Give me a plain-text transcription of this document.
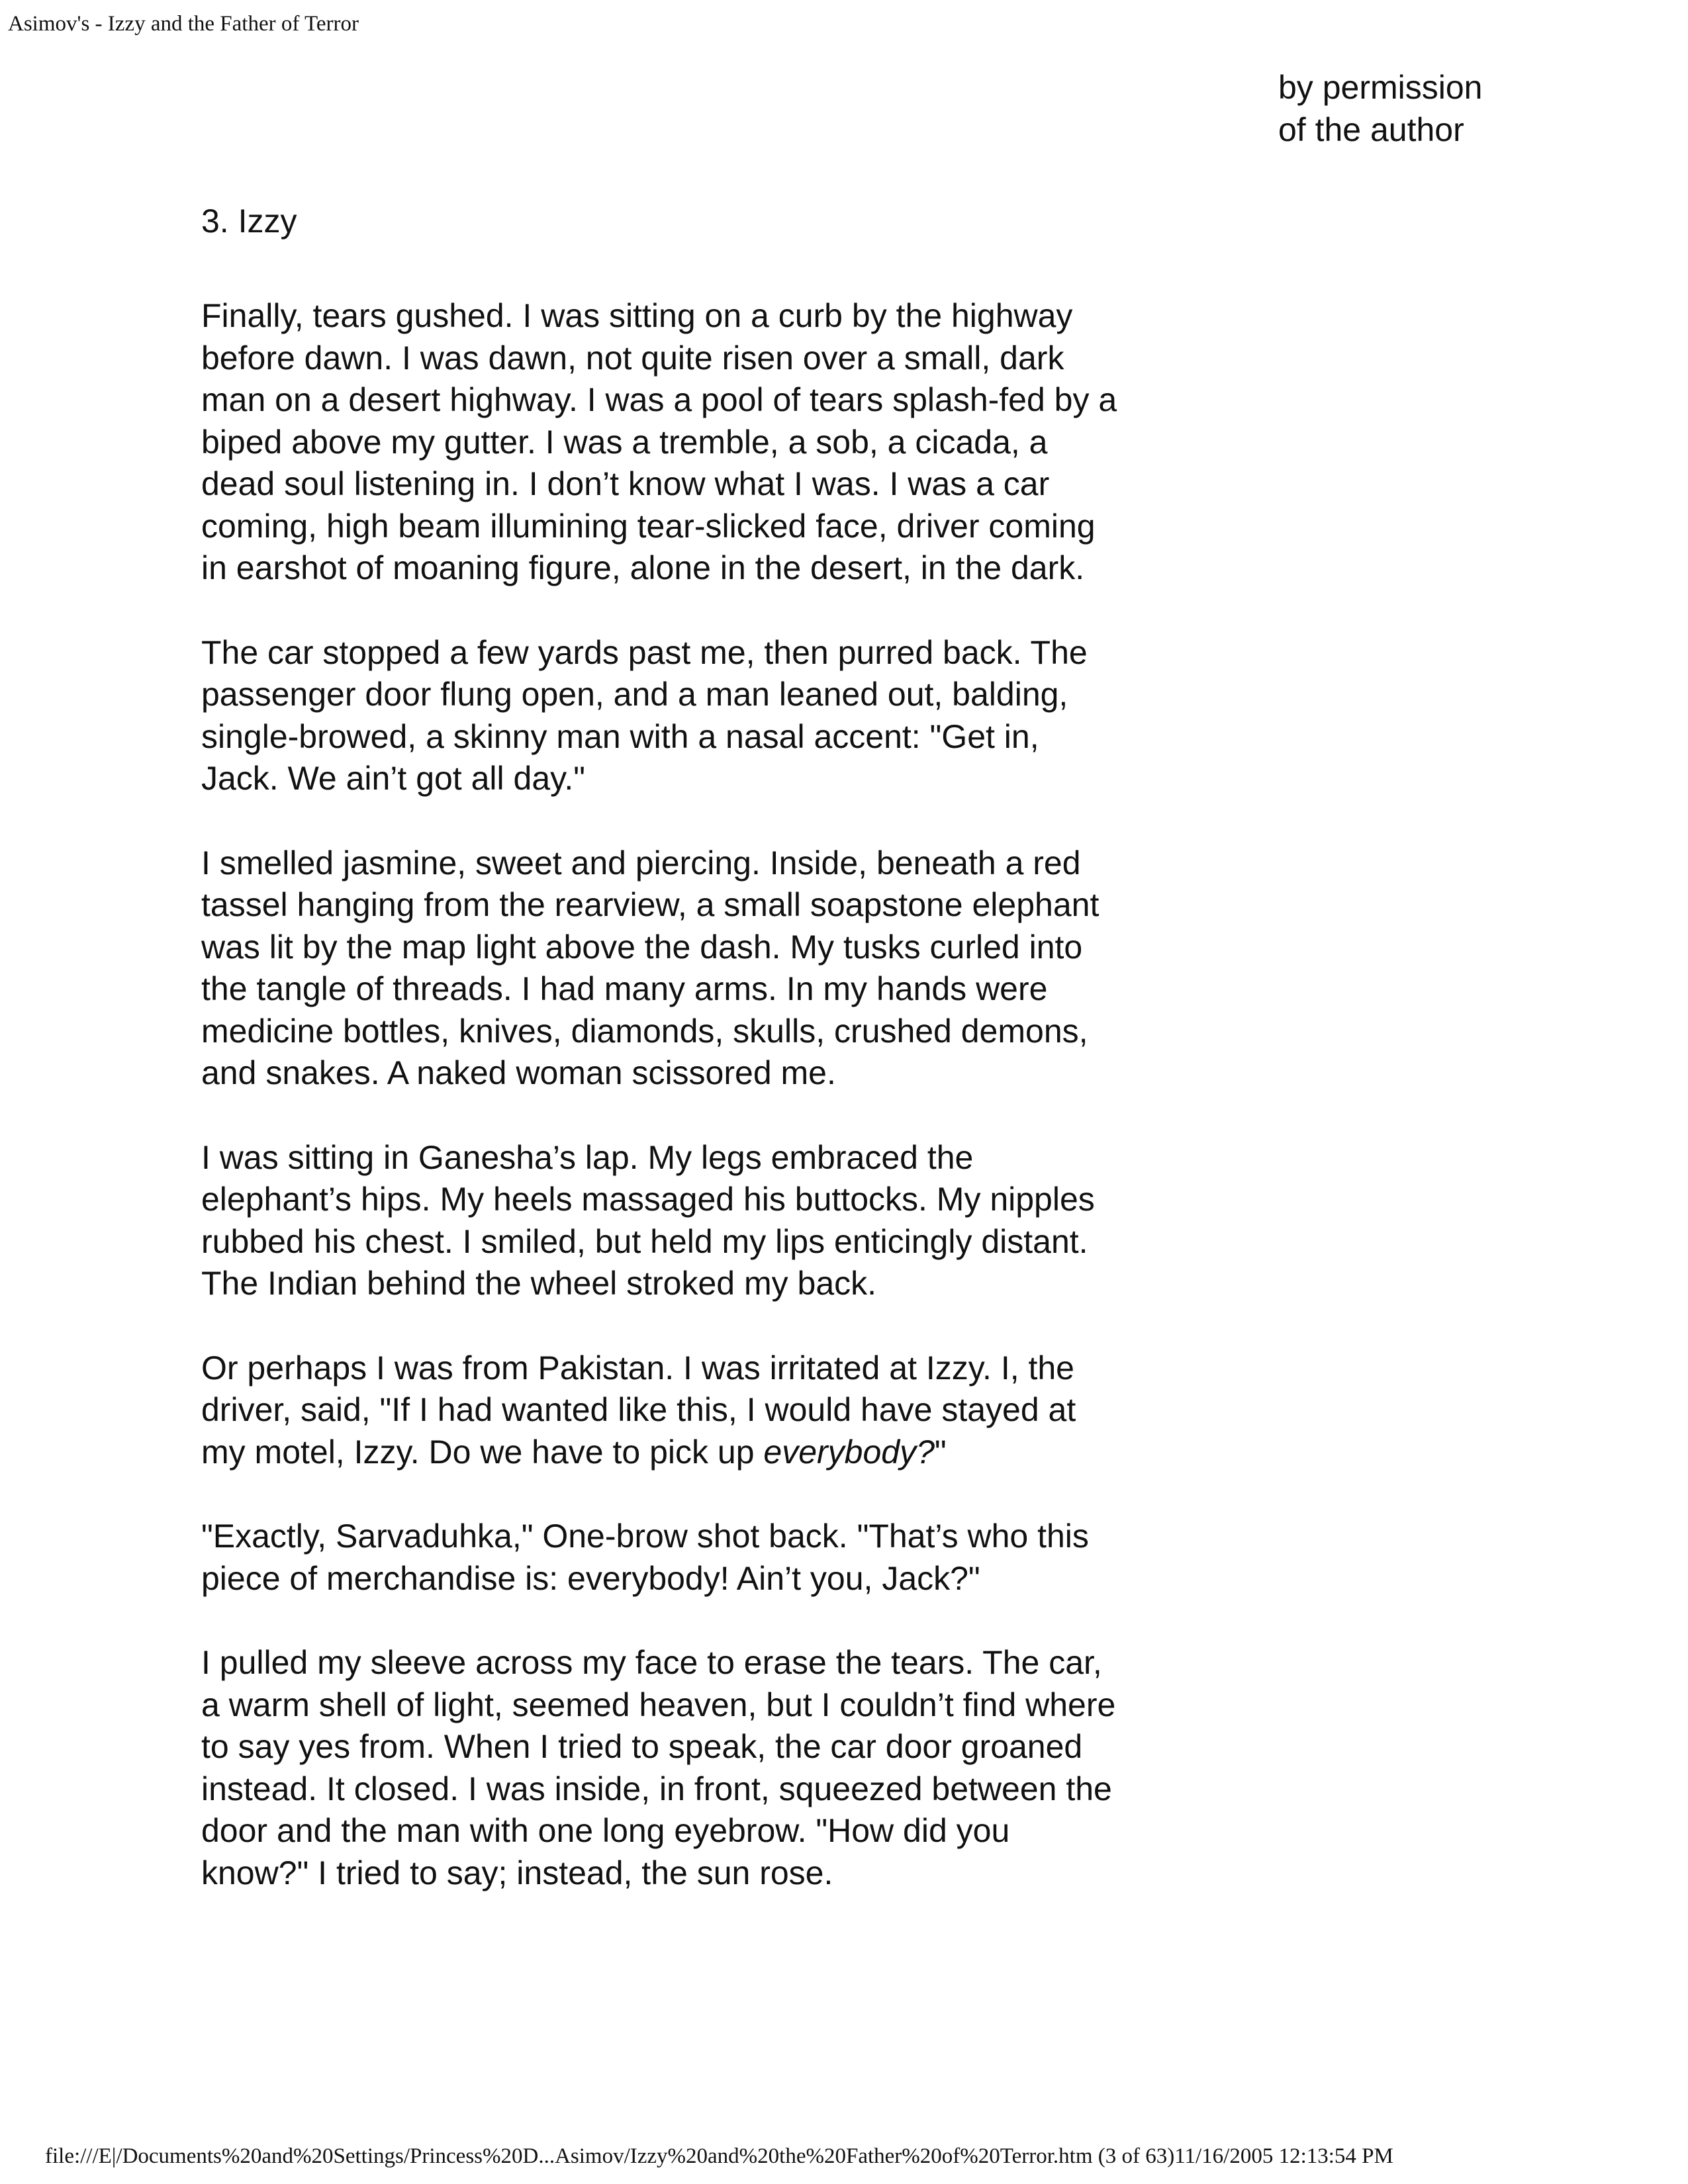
Asimov's - Izzy and the Father of Terror
by permission
of the author
3. Izzy

Finally, tears gushed. I was sitting on a curb by the highway
before dawn. I was dawn, not quite risen over a small, dark
man on a desert highway. I was a pool of tears splash-fed by a
biped above my gutter. I was a tremble, a sob, a cicada, a
dead soul listening in. I don’t know what I was. I was a car
coming, high beam illumining tear-slicked face, driver coming
in earshot of moaning figure, alone in the desert, in the dark.

The car stopped a few yards past me, then purred back. The
passenger door flung open, and a man leaned out, balding,
single-browed, a skinny man with a nasal accent: "Get in,
Jack. We ain’t got all day."

I smelled jasmine, sweet and piercing. Inside, beneath a red
tassel hanging from the rearview, a small soapstone elephant
was lit by the map light above the dash. My tusks curled into
the tangle of threads. I had many arms. In my hands were
medicine bottles, knives, diamonds, skulls, crushed demons,
and snakes. A naked woman scissored me.

I was sitting in Ganesha’s lap. My legs embraced the
elephant’s hips. My heels massaged his buttocks. My nipples
rubbed his chest. I smiled, but held my lips enticingly distant.
The Indian behind the wheel stroked my back.

Or perhaps I was from Pakistan. I was irritated at Izzy. I, the
driver, said, "If I had wanted like this, I would have stayed at
my motel, Izzy. Do we have to pick up everybody?"

"Exactly, Sarvaduhka," One-brow shot back. "That’s who this
piece of merchandise is: everybody! Ain’t you, Jack?"

I pulled my sleeve across my face to erase the tears. The car,
a warm shell of light, seemed heaven, but I couldn’t find where
to say yes from. When I tried to speak, the car door groaned
instead. It closed. I was inside, in front, squeezed between the
door and the man with one long eyebrow. "How did you
know?" I tried to say; instead, the sun rose.

file:///E|/Documents%20and%20Settings/Princess%20D...Asimov/Izzy%20and%20the%20Father%20of%20Terror.htm (3 of 63)11/16/2005 12:13:54 PM
